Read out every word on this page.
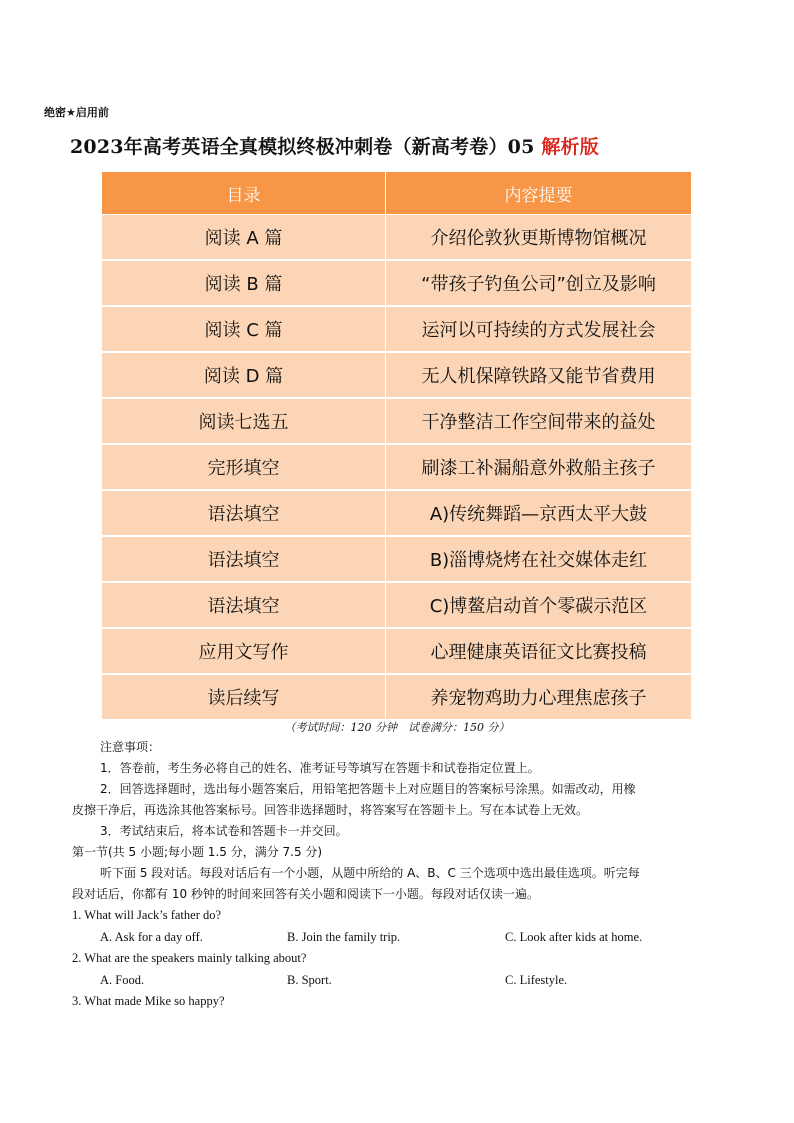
绝密★启用前
2023年高考英语全真模拟终极冲刺卷（新高考卷）05 解析版
目录	内容提要
阅读 A 篇	介绍伦敦狄更斯博物馆概况
阅读 B 篇	“带孩子钓鱼公司”创立及影响
阅读 C 篇	运河以可持续的方式发展社会
阅读 D 篇	无人机保障铁路又能节省费用
阅读七选五	干净整洁工作空间带来的益处
完形填空	刷漆工补漏船意外救船主孩子
语法填空	A)传统舞蹈—京西太平大鼓
语法填空	B)淄博烧烤在社交媒体走红
语法填空	C)博鳌启动首个零碳示范区
应用文写作	心理健康英语征文比赛投稿
读后续写	养宠物鸡助力心理焦虑孩子
（考试时间：120 分钟　试卷满分：150 分）
注意事项：
1．答卷前，考生务必将自己的姓名、准考证号等填写在答题卡和试卷指定位置上。
2．回答选择题时，选出每小题答案后，用铅笔把答题卡上对应题目的答案标号涂黑。如需改动，用橡
皮擦干净后，再选涂其他答案标号。回答非选择题时，将答案写在答题卡上。写在本试卷上无效。
3．考试结束后，将本试卷和答题卡一并交回。
第一节(共 5 小题;每小题 1.5 分，满分 7.5 分)
听下面 5 段对话。每段对话后有一个小题，从题中所给的 A、B、C 三个选项中选出最佳选项。听完每
段对话后，你都有 10 秒钟的时间来回答有关小题和阅读下一小题。每段对话仅读一遍。
1. What will Jack’s father do?
A. Ask for a day off.	B. Join the family trip.	C. Look after kids at home.
2. What are the speakers mainly talking about?
A. Food.	B. Sport.	C. Lifestyle.
3. What made Mike so happy?
